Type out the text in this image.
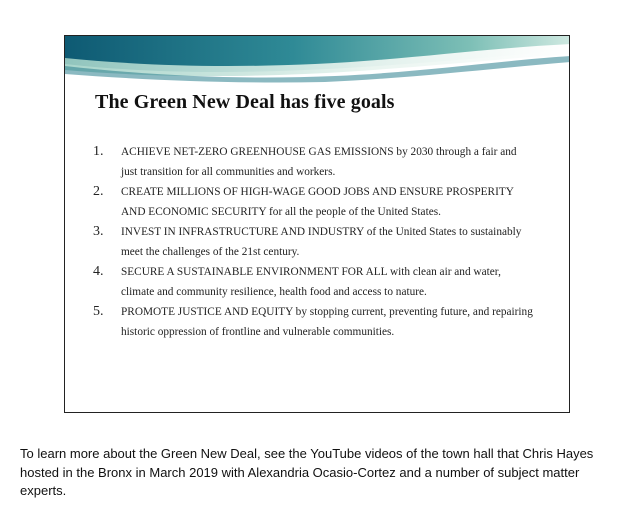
The Green New Deal has five goals
1. ACHIEVE NET-ZERO GREENHOUSE GAS EMISSIONS by 2030 through a fair and just transition for all communities and workers.
2. CREATE MILLIONS OF HIGH-WAGE GOOD JOBS AND ENSURE PROSPERITY AND ECONOMIC SECURITY for all the people of the United States.
3. INVEST IN INFRASTRUCTURE AND INDUSTRY of the United States to sustainably meet the challenges of the 21st century.
4. SECURE A SUSTAINABLE ENVIRONMENT FOR ALL with clean air and water, climate and community resilience, health food and access to nature.
5. PROMOTE JUSTICE AND EQUITY by stopping current, preventing future, and repairing historic oppression of frontline and vulnerable communities.

To learn more about the Green New Deal, see the YouTube videos of the town hall that Chris Hayes hosted in the Bronx in March 2019 with Alexandria Ocasio-Cortez and a number of subject matter experts.
